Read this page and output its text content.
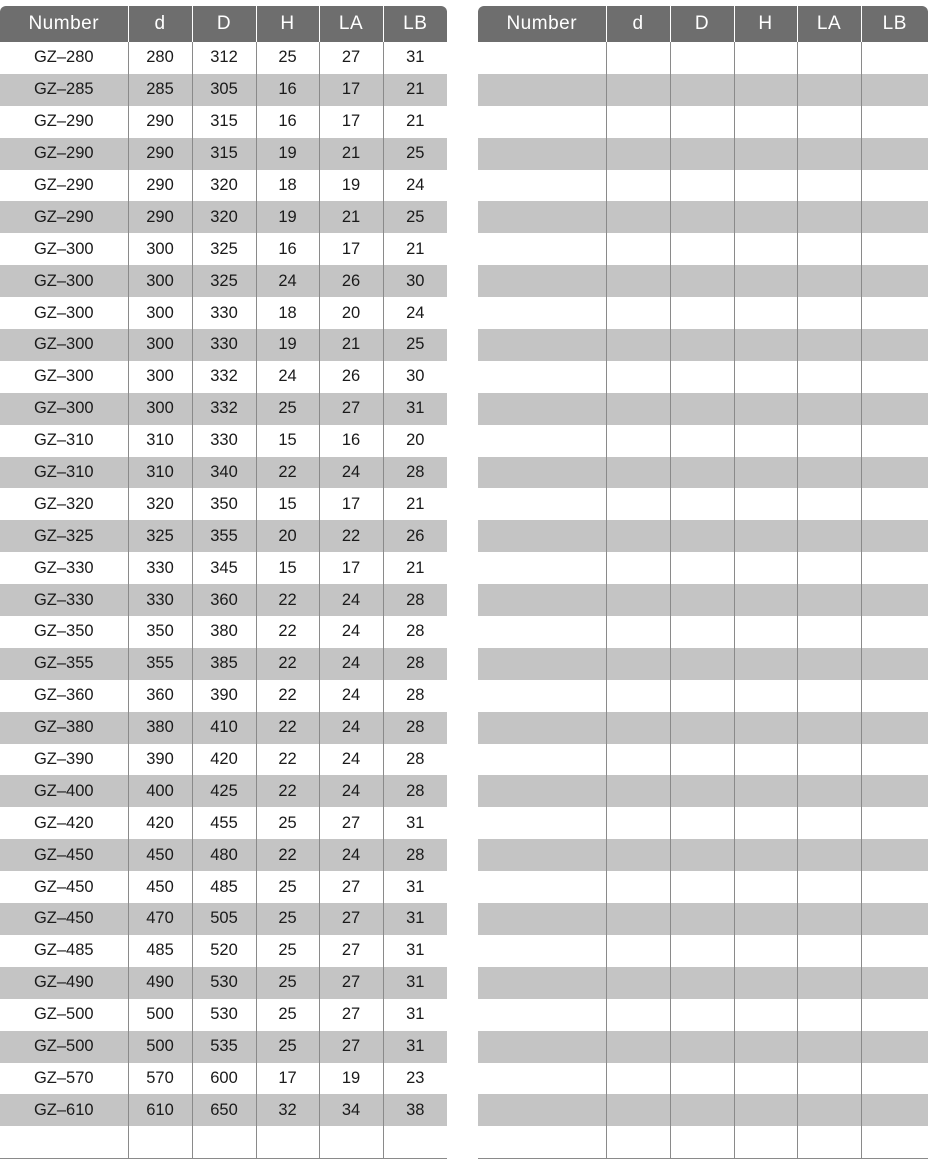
Number	d	D	H	LA	LB
GZ–280	280	312	25	27	31
GZ–285	285	305	16	17	21
GZ–290	290	315	16	17	21
GZ–290	290	315	19	21	25
GZ–290	290	320	18	19	24
GZ–290	290	320	19	21	25
GZ–300	300	325	16	17	21
GZ–300	300	325	24	26	30
GZ–300	300	330	18	20	24
GZ–300	300	330	19	21	25
GZ–300	300	332	24	26	30
GZ–300	300	332	25	27	31
GZ–310	310	330	15	16	20
GZ–310	310	340	22	24	28
GZ–320	320	350	15	17	21
GZ–325	325	355	20	22	26
GZ–330	330	345	15	17	21
GZ–330	330	360	22	24	28
GZ–350	350	380	22	24	28
GZ–355	355	385	22	24	28
GZ–360	360	390	22	24	28
GZ–380	380	410	22	24	28
GZ–390	390	420	22	24	28
GZ–400	400	425	22	24	28
GZ–420	420	455	25	27	31
GZ–450	450	480	22	24	28
GZ–450	450	485	25	27	31
GZ–450	470	505	25	27	31
GZ–485	485	520	25	27	31
GZ–490	490	530	25	27	31
GZ–500	500	530	25	27	31
GZ–500	500	535	25	27	31
GZ–570	570	600	17	19	23
GZ–610	610	650	32	34	38

Number	d	D	H	LA	LB
